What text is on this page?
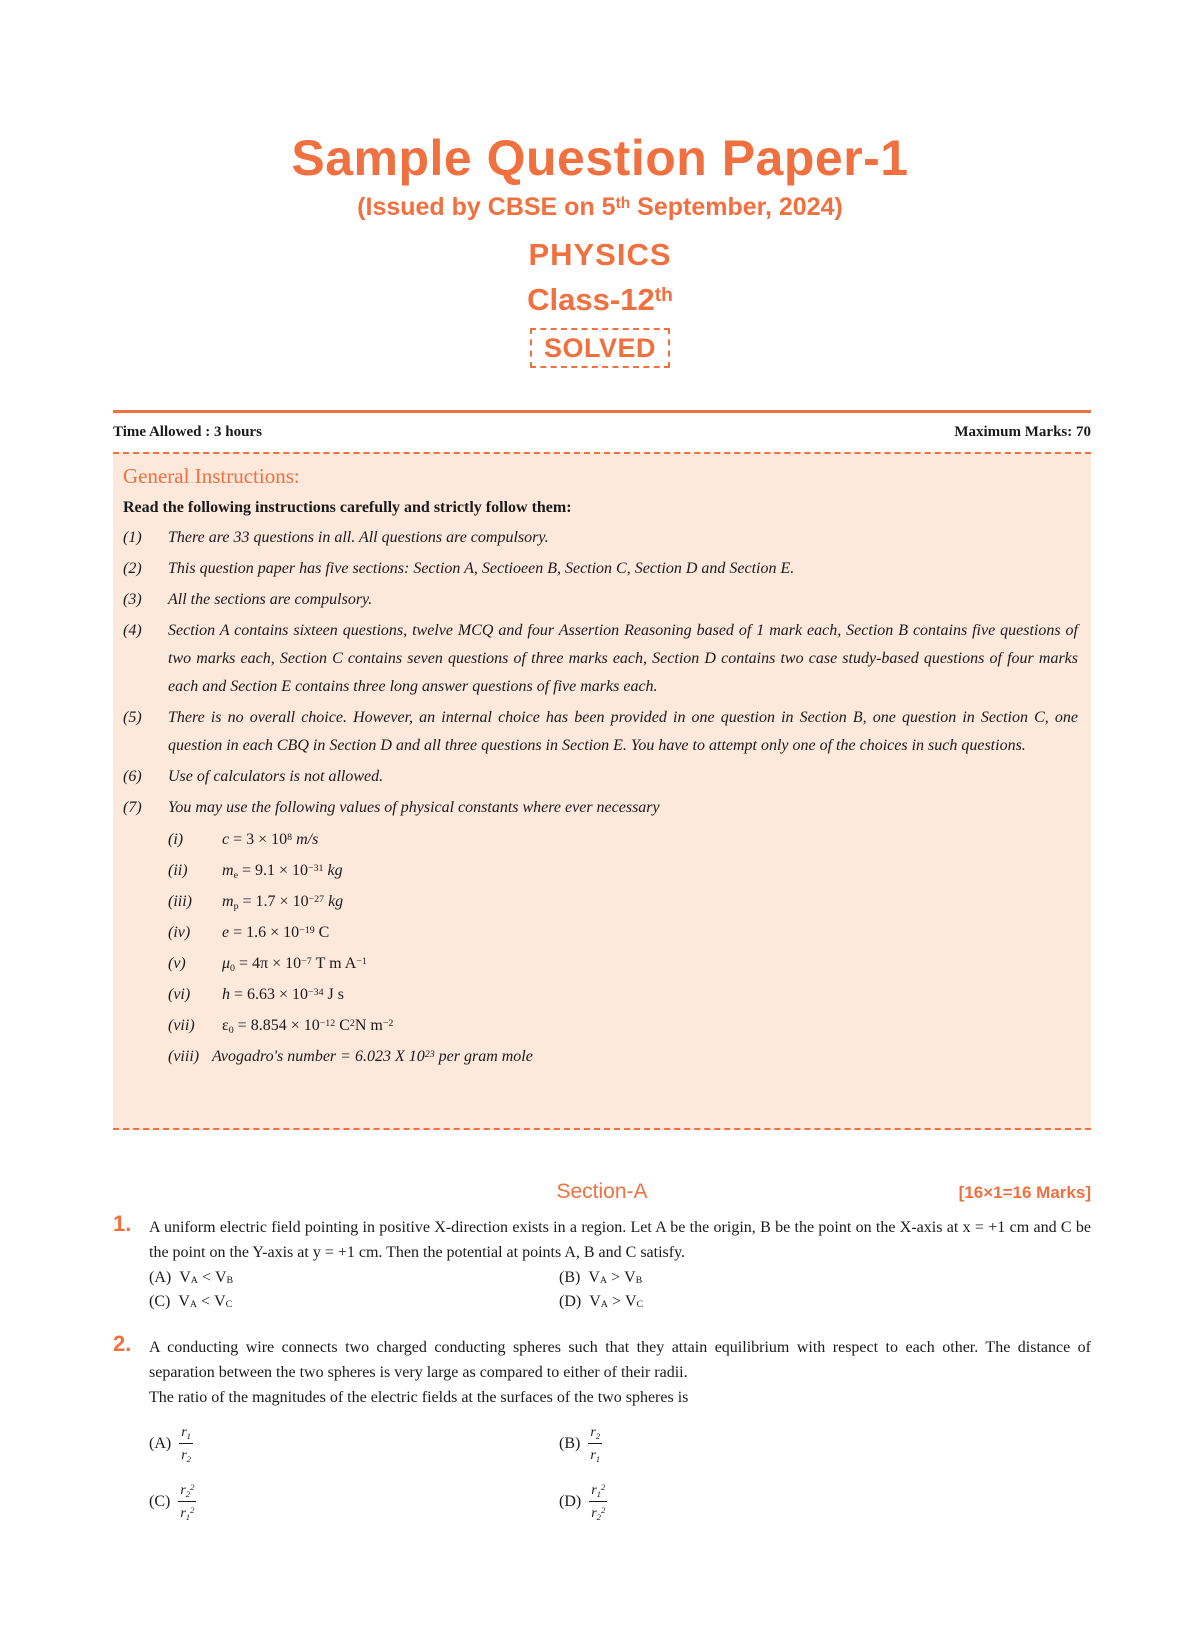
Sample Question Paper-1
(Issued by CBSE on 5th September, 2024)
PHYSICS
Class-12th
SOLVED
Time Allowed : 3 hours	Maximum Marks: 70
General Instructions:
Read the following instructions carefully and strictly follow them:
(1)	There are 33 questions in all. All questions are compulsory.
(2)	This question paper has five sections: Section A, Sectioeen B, Section C, Section D and Section E.
(3)	All the sections are compulsory.
(4)	Section A contains sixteen questions, twelve MCQ and four Assertion Reasoning based of 1 mark each, Section B contains five questions of two marks each, Section C contains seven questions of three marks each, Section D contains two case study-based questions of four marks each and Section E contains three long answer questions of five marks each.
(5)	There is no overall choice. However, an internal choice has been provided in one question in Section B, one question in Section C, one question in each CBQ in Section D and all three questions in Section E. You have to attempt only one of the choices in such questions.
(6)	Use of calculators is not allowed.
(7)	You may use the following values of physical constants where ever necessary
(i)	$c = 3 \times 10^8$ m/s
(ii)	$m_e = 9.1 \times 10^{-31}$ kg
(iii)	$m_p = 1.7 \times 10^{-27}$ kg
(iv)	$e = 1.6 \times 10^{-19}$ C
(v)	$\mu_0 = 4\pi \times 10^{-7}$ T m $A^{-1}$
(vi)	$h = 6.63 \times 10^{-34}$ J s
(vii)	$\varepsilon_0 = 8.854 \times 10^{-12}$ $C^2N$ $m^{-2}$
(viii) Avogadro's number = 6.023 X $10^{23}$ per gram mole
Section-A	[16×1=16 Marks]
1. A uniform electric field pointing in positive X-direction exists in a region. Let A be the origin, B be the point on the X-axis at x = +1 cm and C be the point on the Y-axis at y = +1 cm. Then the potential at points A, B and C satisfy.
(A) $V_A < V_B$	(B) $V_A > V_B$
(C) $V_A < V_C$	(D) $V_A > V_C$
2. A conducting wire connects two charged conducting spheres such that they attain equilibrium with respect to each other. The distance of separation between the two spheres is very large as compared to either of their radii.
The ratio of the magnitudes of the electric fields at the surfaces of the two spheres is
$(A) \frac{r_1}{r_2}$	$(B) \frac{r_2}{r_1}$
$(C) \frac{r_2^2}{r_1^2}$	$(D) \frac{r_1^2}{r_2^2}$
